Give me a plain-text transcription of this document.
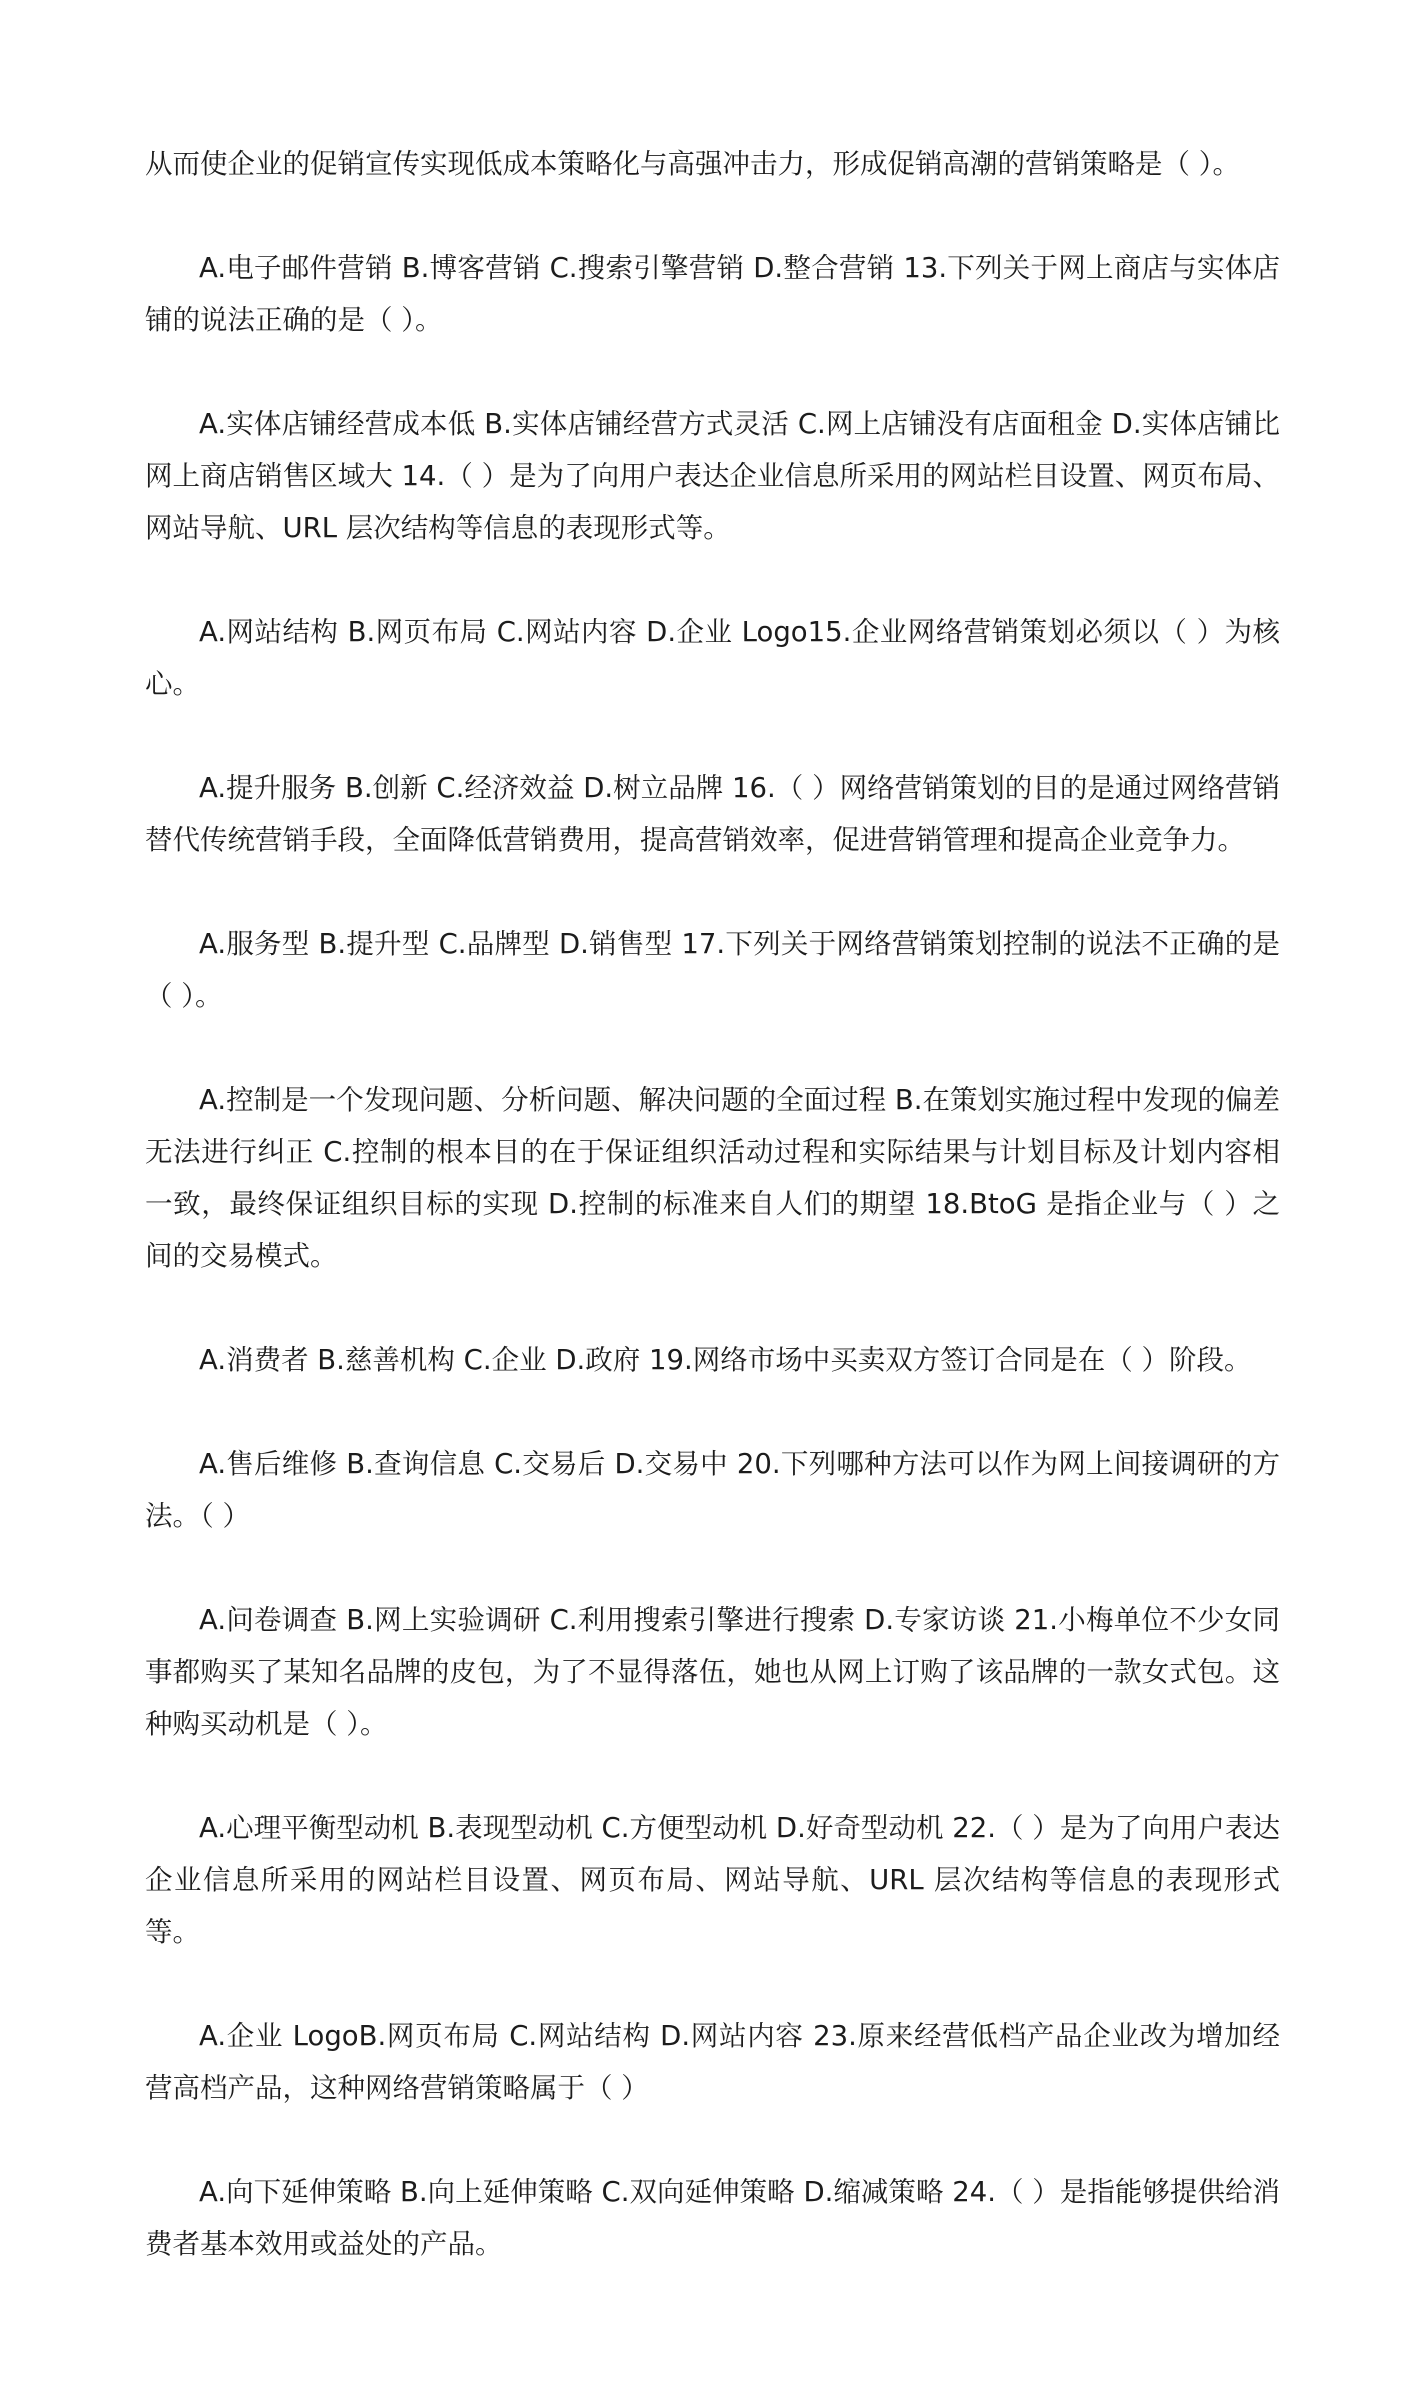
从而使企业的促销宣传实现低成本策略化与高强冲击力，形成促销高潮的营销策略是（ ）。

A.电子邮件营销 B.博客营销 C.搜索引擎营销 D.整合营销 13.下列关于网上商店与实体店铺的说法正确的是（ ）。

A.实体店铺经营成本低 B.实体店铺经营方式灵活 C.网上店铺没有店面租金 D.实体店铺比网上商店销售区域大 14.（ ）是为了向用户表达企业信息所采用的网站栏目设置、网页布局、网站导航、URL 层次结构等信息的表现形式等。

A.网站结构 B.网页布局 C.网站内容 D.企业 Logo15.企业网络营销策划必须以（ ）为核心。

A.提升服务 B.创新 C.经济效益 D.树立品牌 16.（ ）网络营销策划的目的是通过网络营销替代传统营销手段，全面降低营销费用，提高营销效率，促进营销管理和提高企业竞争力。

A.服务型 B.提升型 C.品牌型 D.销售型 17.下列关于网络营销策划控制的说法不正确的是（ ）。

A.控制是一个发现问题、分析问题、解决问题的全面过程 B.在策划实施过程中发现的偏差无法进行纠正 C.控制的根本目的在于保证组织活动过程和实际结果与计划目标及计划内容相一致，最终保证组织目标的实现 D.控制的标准来自人们的期望 18.BtoG 是指企业与（ ）之间的交易模式。

A.消费者 B.慈善机构 C.企业 D.政府 19.网络市场中买卖双方签订合同是在（ ）阶段。

A.售后维修 B.查询信息 C.交易后 D.交易中 20.下列哪种方法可以作为网上间接调研的方法。（ ）

A.问卷调查 B.网上实验调研 C.利用搜索引擎进行搜索 D.专家访谈 21.小梅单位不少女同事都购买了某知名品牌的皮包，为了不显得落伍，她也从网上订购了该品牌的一款女式包。这种购买动机是（ ）。

A.心理平衡型动机 B.表现型动机 C.方便型动机 D.好奇型动机 22.（ ）是为了向用户表达企业信息所采用的网站栏目设置、网页布局、网站导航、URL 层次结构等信息的表现形式等。

A.企业 LogoB.网页布局 C.网站结构 D.网站内容 23.原来经营低档产品企业改为增加经营高档产品，这种网络营销策略属于（ ）

A.向下延伸策略 B.向上延伸策略 C.双向延伸策略 D.缩减策略 24.（ ）是指能够提供给消费者基本效用或益处的产品。
